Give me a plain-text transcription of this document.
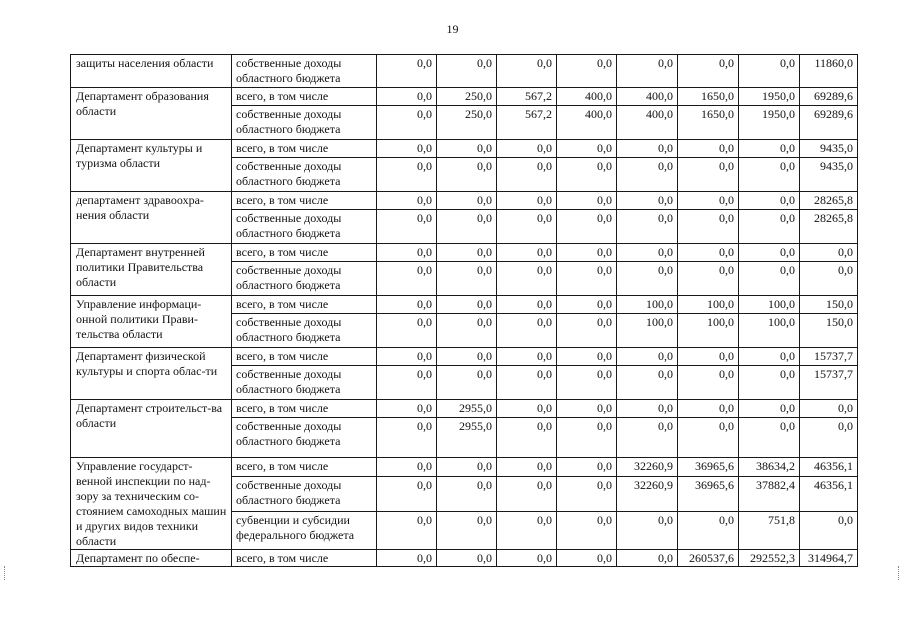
19
защиты населения области	собственные доходы областного бюджета	0,0	0,0	0,0	0,0	0,0	0,0	0,0	11860,0
Департамент образования области	всего, в том числе	0,0	250,0	567,2	400,0	400,0	1650,0	1950,0	69289,6
	собственные доходы областного бюджета	0,0	250,0	567,2	400,0	400,0	1650,0	1950,0	69289,6
Департамент культуры и туризма области	всего, в том числе	0,0	0,0	0,0	0,0	0,0	0,0	0,0	9435,0
	собственные доходы областного бюджета	0,0	0,0	0,0	0,0	0,0	0,0	0,0	9435,0
департамент здравоохра-нения области	всего, в том числе	0,0	0,0	0,0	0,0	0,0	0,0	0,0	28265,8
	собственные доходы областного бюджета	0,0	0,0	0,0	0,0	0,0	0,0	0,0	28265,8
Департамент внутренней политики Правительства области	всего, в том числе	0,0	0,0	0,0	0,0	0,0	0,0	0,0	0,0
	собственные доходы областного бюджета	0,0	0,0	0,0	0,0	0,0	0,0	0,0	0,0
Управление информаци-онной политики Прави-тельства области	всего, в том числе	0,0	0,0	0,0	0,0	100,0	100,0	100,0	150,0
	собственные доходы областного бюджета	0,0	0,0	0,0	0,0	100,0	100,0	100,0	150,0
Департамент физической культуры и спорта облас-ти	всего, в том числе	0,0	0,0	0,0	0,0	0,0	0,0	0,0	15737,7
	собственные доходы областного бюджета	0,0	0,0	0,0	0,0	0,0	0,0	0,0	15737,7
Департамент строительст-ва области	всего, в том числе	0,0	2955,0	0,0	0,0	0,0	0,0	0,0	0,0
	собственные доходы областного бюджета	0,0	2955,0	0,0	0,0	0,0	0,0	0,0	0,0
Управление государст-венной инспекции по над-зору за техническим со-стоянием самоходных машин и других видов техники области	всего, в том числе	0,0	0,0	0,0	0,0	32260,9	36965,6	38634,2	46356,1
	собственные доходы областного бюджета	0,0	0,0	0,0	0,0	32260,9	36965,6	37882,4	46356,1
	субвенции и субсидии федерального бюджета	0,0	0,0	0,0	0,0	0,0	0,0	751,8	0,0
Департамент по обеспе-	всего, в том числе	0,0	0,0	0,0	0,0	0,0	260537,6	292552,3	314964,7
